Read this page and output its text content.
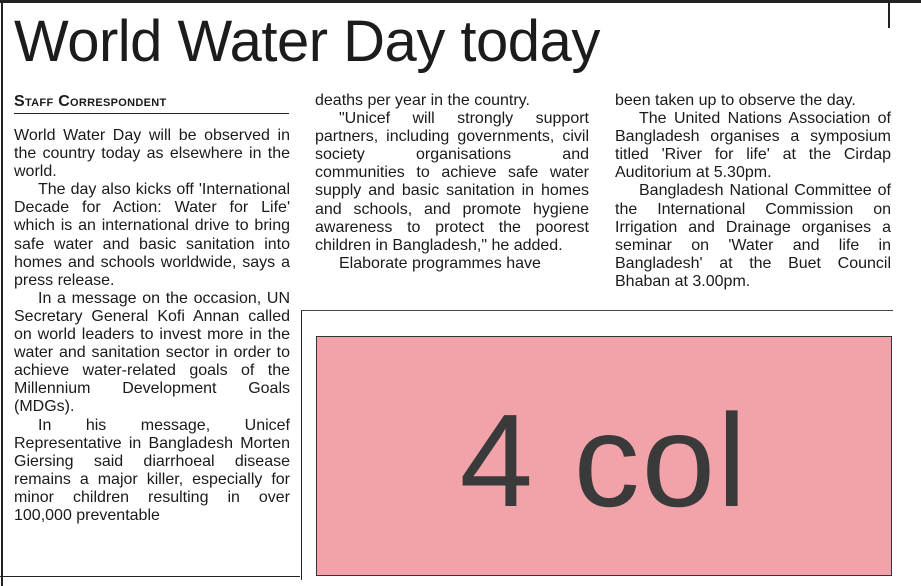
World Water Day today
Staff Correspondent

World Water Day will be observed in the country today as elsewhere in the world.

The day also kicks off 'International Decade for Action: Water for Life' which is an international drive to bring safe water and basic sanitation into homes and schools worldwide, says a press release.

In a message on the occasion, UN Secretary General Kofi Annan called on world leaders to invest more in the water and sanitation sector in order to achieve water-related goals of the Millennium Development Goals (MDGs).

In his message, Unicef Representative in Bangladesh Morten Giersing said diarrhoeal disease remains a major killer, especially for minor children resulting in over 100,000 preventable

deaths per year in the country.

"Unicef will strongly support partners, including governments, civil society organisations and communities to achieve safe water supply and basic sanitation in homes and schools, and promote hygiene awareness to protect the poorest children in Bangladesh," he added.

Elaborate programmes have

been taken up to observe the day.

The United Nations Association of Bangladesh organises a symposium titled 'River for life' at the Cirdap Auditorium at 5.30pm.

Bangladesh National Committee of the International Commission on Irrigation and Drainage organises a seminar on 'Water and life in Bangladesh' at the Buet Council Bhaban at 3.00pm.

4 col
